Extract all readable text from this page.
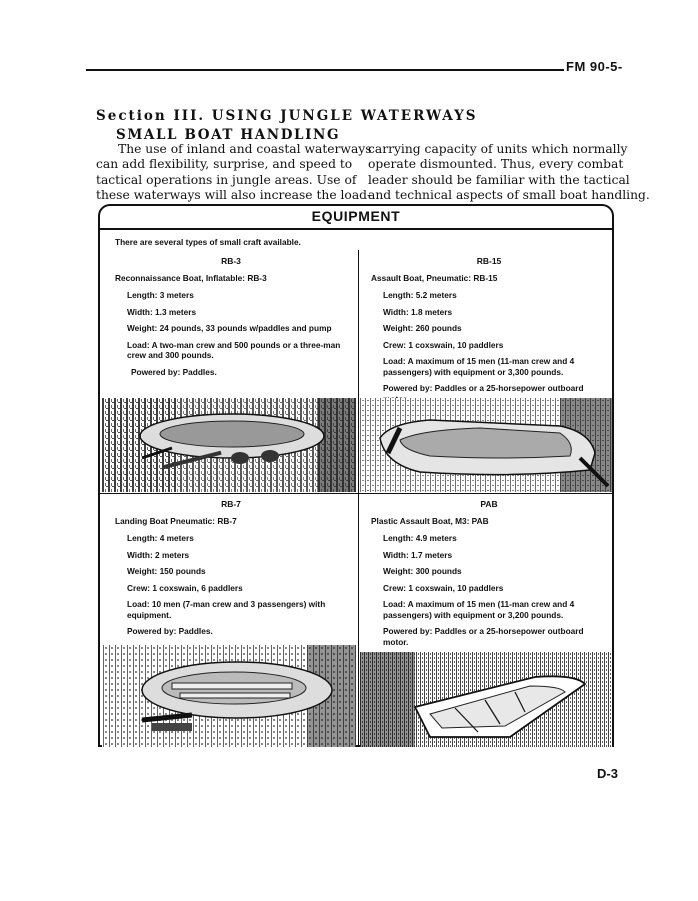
FM 90-5-
Section III. USING JUNGLE WATERWAYS
SMALL BOAT HANDLING
The use of inland and coastal waterways
can add flexibility, surprise, and speed to
tactical operations in jungle areas. Use of
these waterways will also increase the load-
carrying capacity of units which normally
operate dismounted. Thus, every combat
leader should be familiar with the tactical
and technical aspects of small boat handling.
EQUIPMENT
There are several types of small craft available.
RB-3
Reconnaissance Boat, Inflatable: RB-3
Length: 3 meters
Width: 1.3 meters
Weight: 24 pounds, 33 pounds w/paddles and pump
Load: A two-man crew and 500 pounds or a three-man crew and 300 pounds.
Powered by: Paddles.
RB-15
Assault Boat, Pneumatic: RB-15
Length: 5.2 meters
Width: 1.8 meters
Weight: 260 pounds
Crew: 1 coxswain, 10 paddlers
Load: A maximum of 15 men (11-man crew and 4 passengers) with equipment or 3,300 pounds.
Powered by: Paddles or a 25-horsepower outboard
RB-7
Landing Boat Pneumatic: RB-7
Length: 4 meters
Width: 2 meters
Weight: 150 pounds
Crew: 1 coxswain, 6 paddlers
Load: 10 men (7-man crew and 3 passengers) with equipment.
Powered by: Paddles.
PAB
Plastic Assault Boat, M3: PAB
Length: 4.9 meters
Width: 1.7 meters
Weight: 300 pounds
Crew: 1 coxswain, 10 paddlers
Load: A maximum of 15 men (11-man crew and 4 passengers) with equipment or 3,200 pounds.
Powered by: Paddles or a 25-horsepower outboard motor.
D-3
